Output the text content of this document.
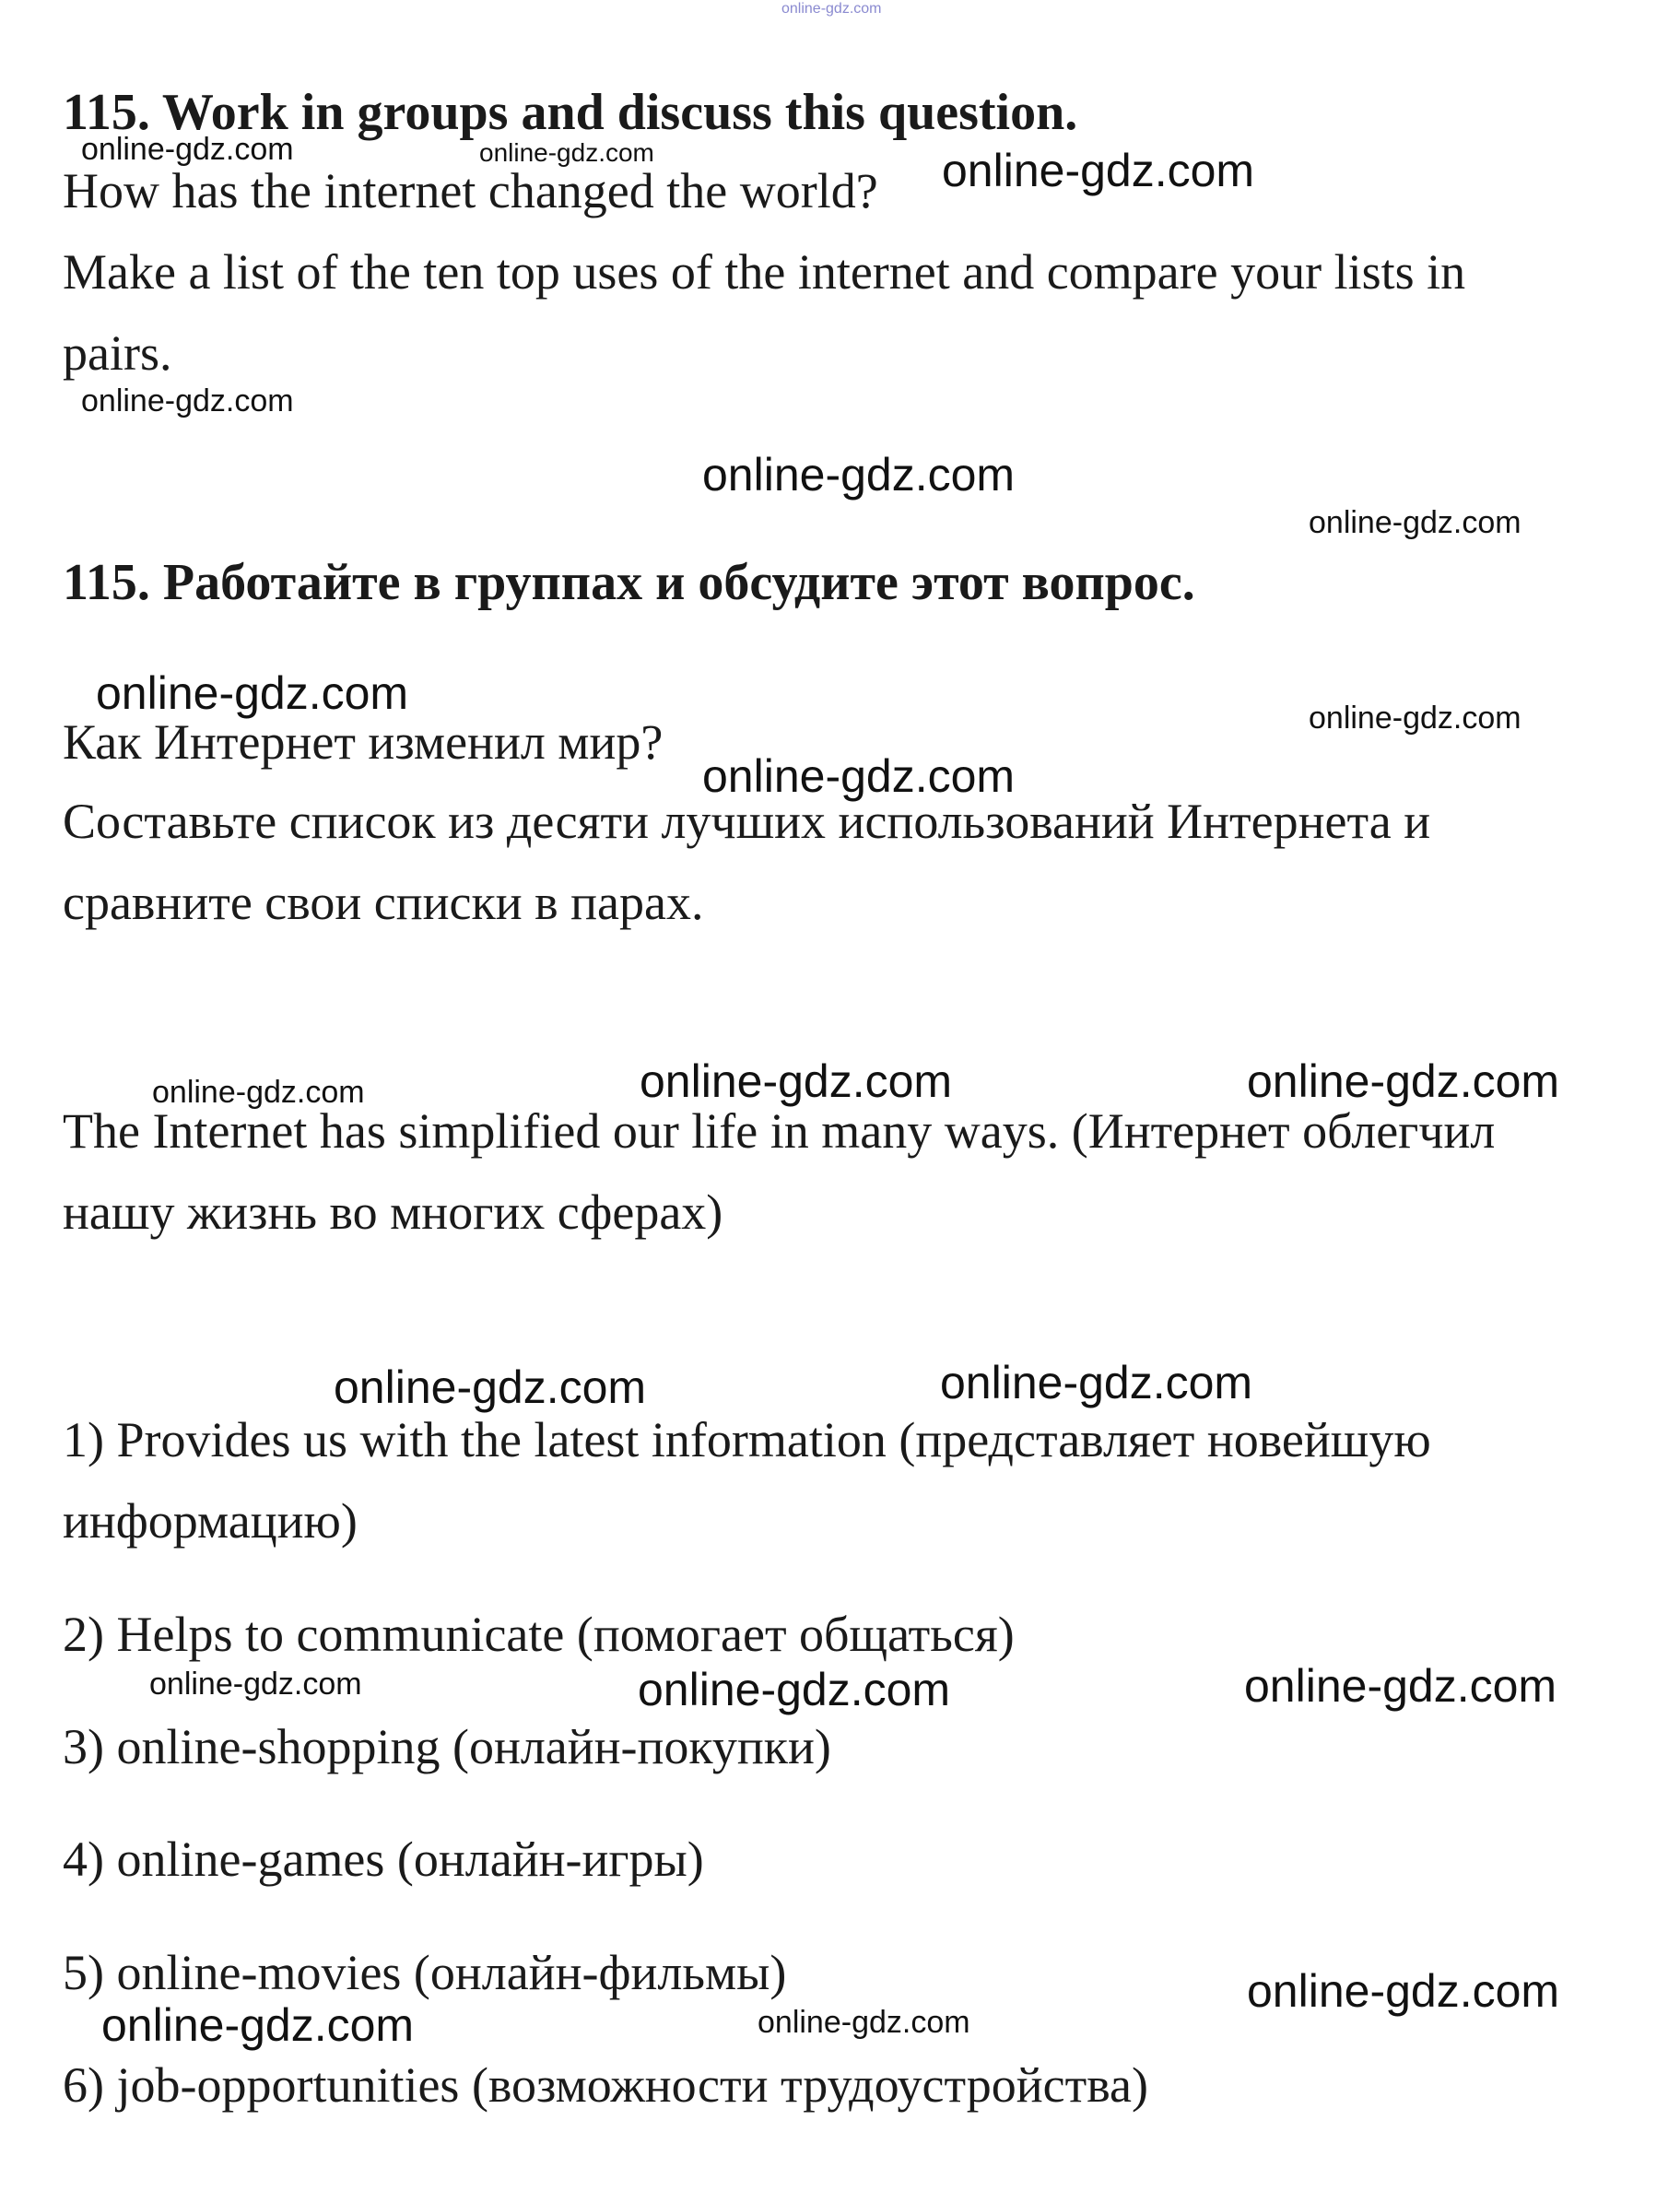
online-gdz.com

online-gdz.com	online-gdz.com	online-gdz.com

online-gdz.com

online-gdz.com

online-gdz.com

online-gdz.com	online-gdz.com

online-gdz.com

online-gdz.com	online-gdz.com	online-gdz.com

online-gdz.com	online-gdz.com

online-gdz.com	online-gdz.com	online-gdz.com

online-gdz.com

online-gdz.com	online-gdz.com

115. Work in groups and discuss this question.

How has the internet changed the world?

Make a list of the ten top uses of the internet and compare your lists in

pairs.

115. Работайте в группах и обсудите этот вопрос.

Как Интернет изменил мир?

Составьте список из десяти лучших использований Интернета и

сравните свои списки в парах.

The Internet has simplified our life in many ways. (Интернет облегчил

нашу жизнь во многих сферах)

1) Provides us with the latest information (представляет новейшую

информацию)

2) Helps to communicate (помогает общаться)

3) online-shopping (онлайн-покупки)

4) online-games (онлайн-игры)

5) online-movies (онлайн-фильмы)

6) job-opportunities (возможности трудоустройства)
